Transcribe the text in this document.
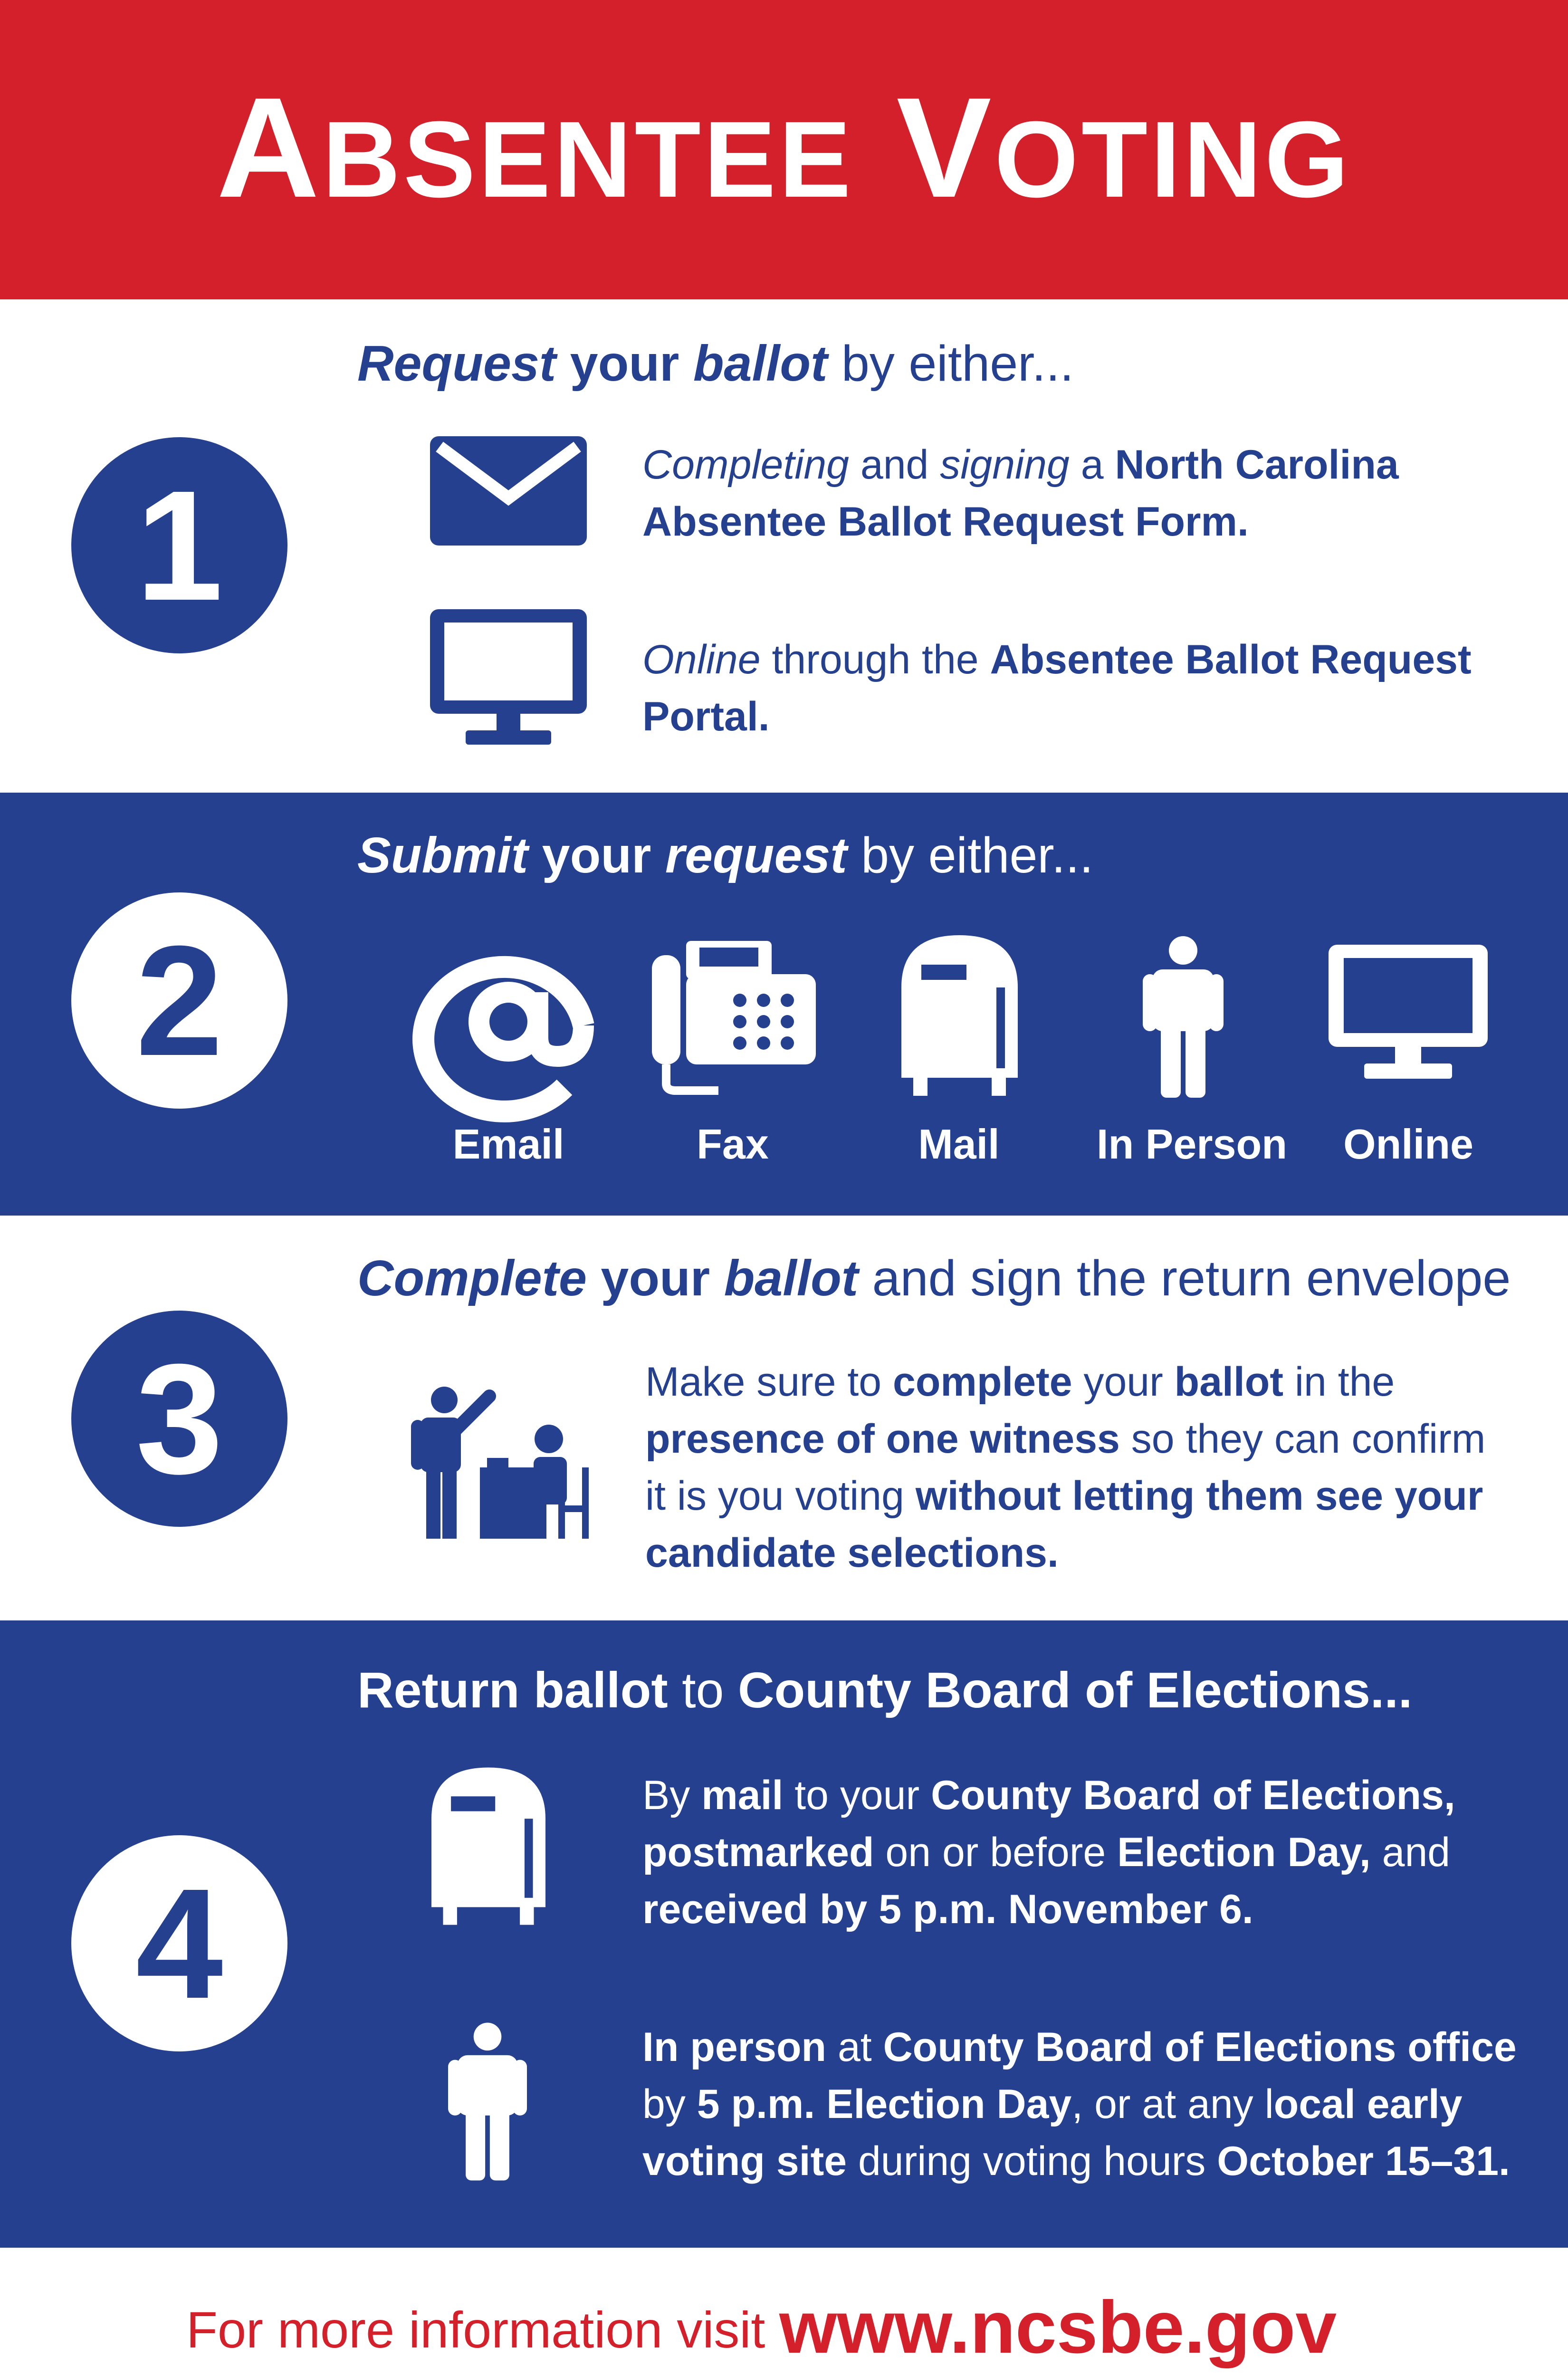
ABSENTEE VOTING
1
Request your ballot by either...
Completing and signing a North Carolina
Absentee Ballot Request Form.
Online through the Absentee Ballot Request
Portal.
2
Submit your request by either...
Email	Fax	Mail	In Person	Online
3
Complete your ballot and sign the return envelope
Make sure to complete your ballot in the
presence of one witness so they can confirm
it is you voting without letting them see your
candidate selections.
4
Return ballot to County Board of Elections...
By mail to your County Board of Elections,
postmarked on or before Election Day, and
received by 5 p.m. November 6.
In person at County Board of Elections office
by 5 p.m. Election Day, or at any local early
voting site during voting hours October 15–31.
For more information visit www.ncsbe.gov
